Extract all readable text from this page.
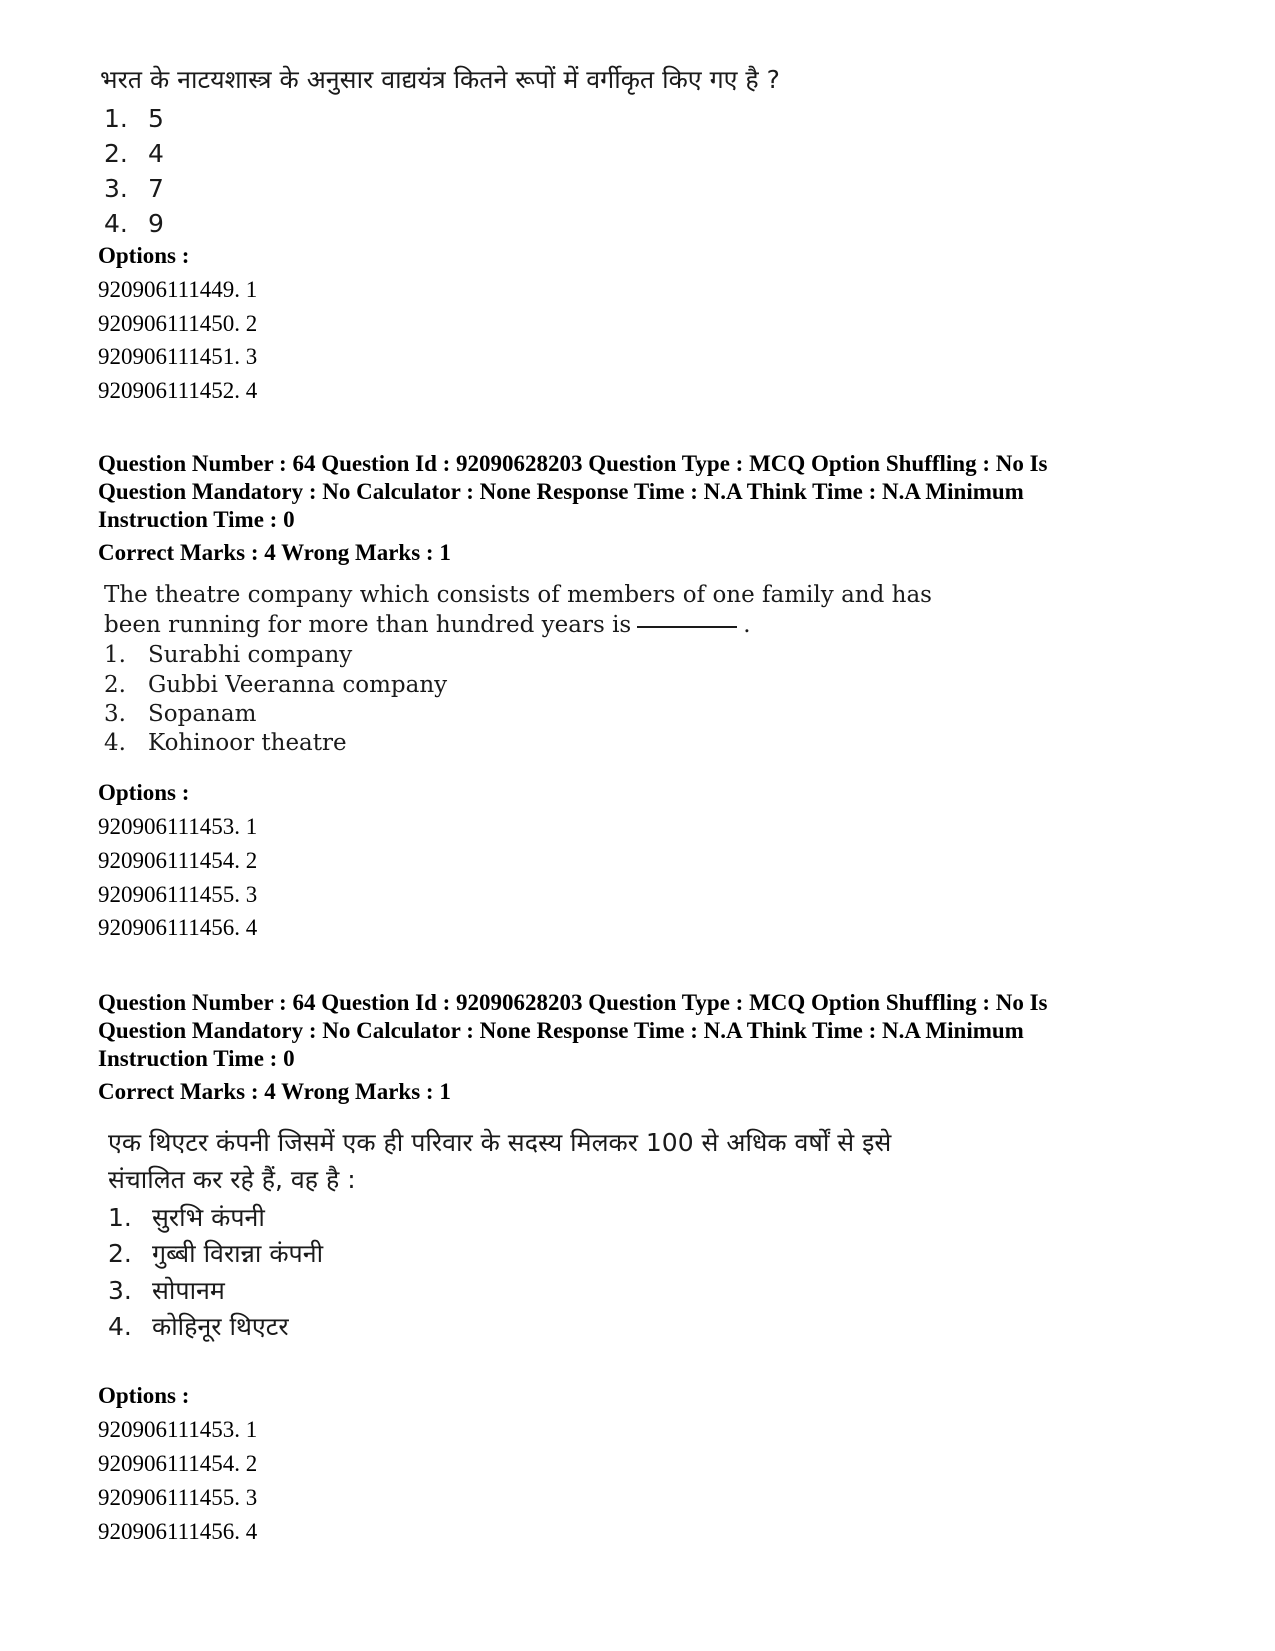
भरत के नाटयशास्त्र के अनुसार वाद्ययंत्र कितने रूपों में वर्गीकृत किए गए है ?
1. 5
2. 4
3. 7
4. 9
Options :
920906111449. 1
920906111450. 2
920906111451. 3
920906111452. 4
Question Number : 64 Question Id : 92090628203 Question Type : MCQ Option Shuffling : No Is
Question Mandatory : No Calculator : None Response Time : N.A Think Time : N.A Minimum
Instruction Time : 0
Correct Marks : 4 Wrong Marks : 1
The theatre company which consists of members of one family and has
been running for more than hundred years is	.
1. Surabhi company
2. Gubbi Veeranna company
3. Sopanam
4. Kohinoor theatre
Options :
920906111453. 1
920906111454. 2
920906111455. 3
920906111456. 4
Question Number : 64 Question Id : 92090628203 Question Type : MCQ Option Shuffling : No Is
Question Mandatory : No Calculator : None Response Time : N.A Think Time : N.A Minimum
Instruction Time : 0
Correct Marks : 4 Wrong Marks : 1
एक थिएटर कंपनी जिसमें एक ही परिवार के सदस्य मिलकर 100 से अधिक वर्षों से इसे
संचालित कर रहे हैं, वह है :
1. सुरभि कंपनी
2. गुब्बी विरान्ना कंपनी
3. सोपानम
4. कोहिनूर थिएटर
Options :
920906111453. 1
920906111454. 2
920906111455. 3
920906111456. 4
